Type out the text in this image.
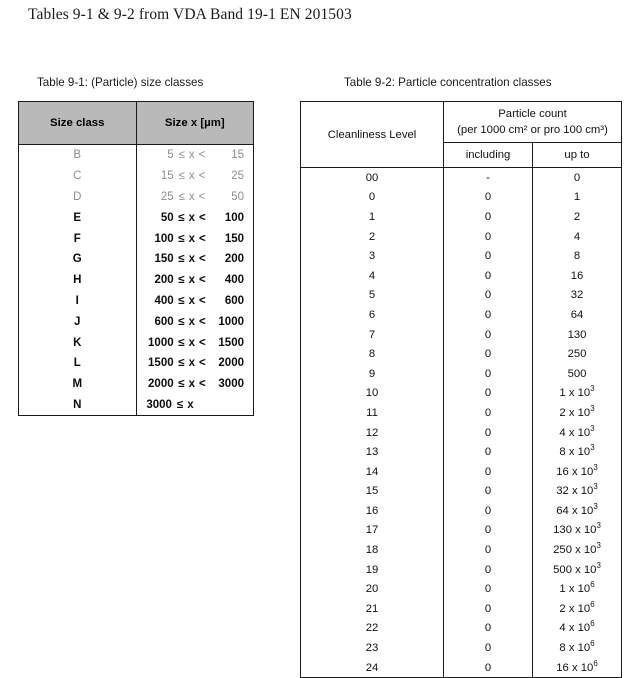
Tables 9-1 & 9-2 from VDA Band 19-1 EN 201503
Table 9-1: (Particle) size classes
Size class	Size x [µm]
B	5 ≤ x < 15

C	15 ≤ x < 25

D	25 ≤ x < 50

E	50 ≤ x < 100

F	100 ≤ x < 150

G	150 ≤ x < 200

H	200 ≤ x < 400

I	400 ≤ x < 600

J	600 ≤ x < 1000

K	1000 ≤ x < 1500

L	1500 ≤ x < 2000

M	2000 ≤ x < 3000

N	3000 ≤ x
Table 9-2: Particle concentration classes
Cleanliness Level	Particle count
(per 1000 cm² or pro 100 cm³)	

	including	up to
00	-	0
0	0	1
1	0	2
2	0	4
3	0	8
4	0	16
5	0	32
6	0	64
7	0	130
8	0	250
9	0	500
10	0	1 x $10^3$
11	0	2 x $10^3$
12	0	4 x $10^3$
13	0	8 x $10^3$
14	0	16 x $10^3$
15	0	32 x $10^3$
16	0	64 x $10^3$
17	0	130 x $10^3$
18	0	250 x $10^3$
19	0	500 x $10^3$
20	0	1 x $10^6$
21	0	2 x $10^6$
22	0	4 x $10^6$
23	0	8 x $10^6$
24	0	16 x $10^6$
